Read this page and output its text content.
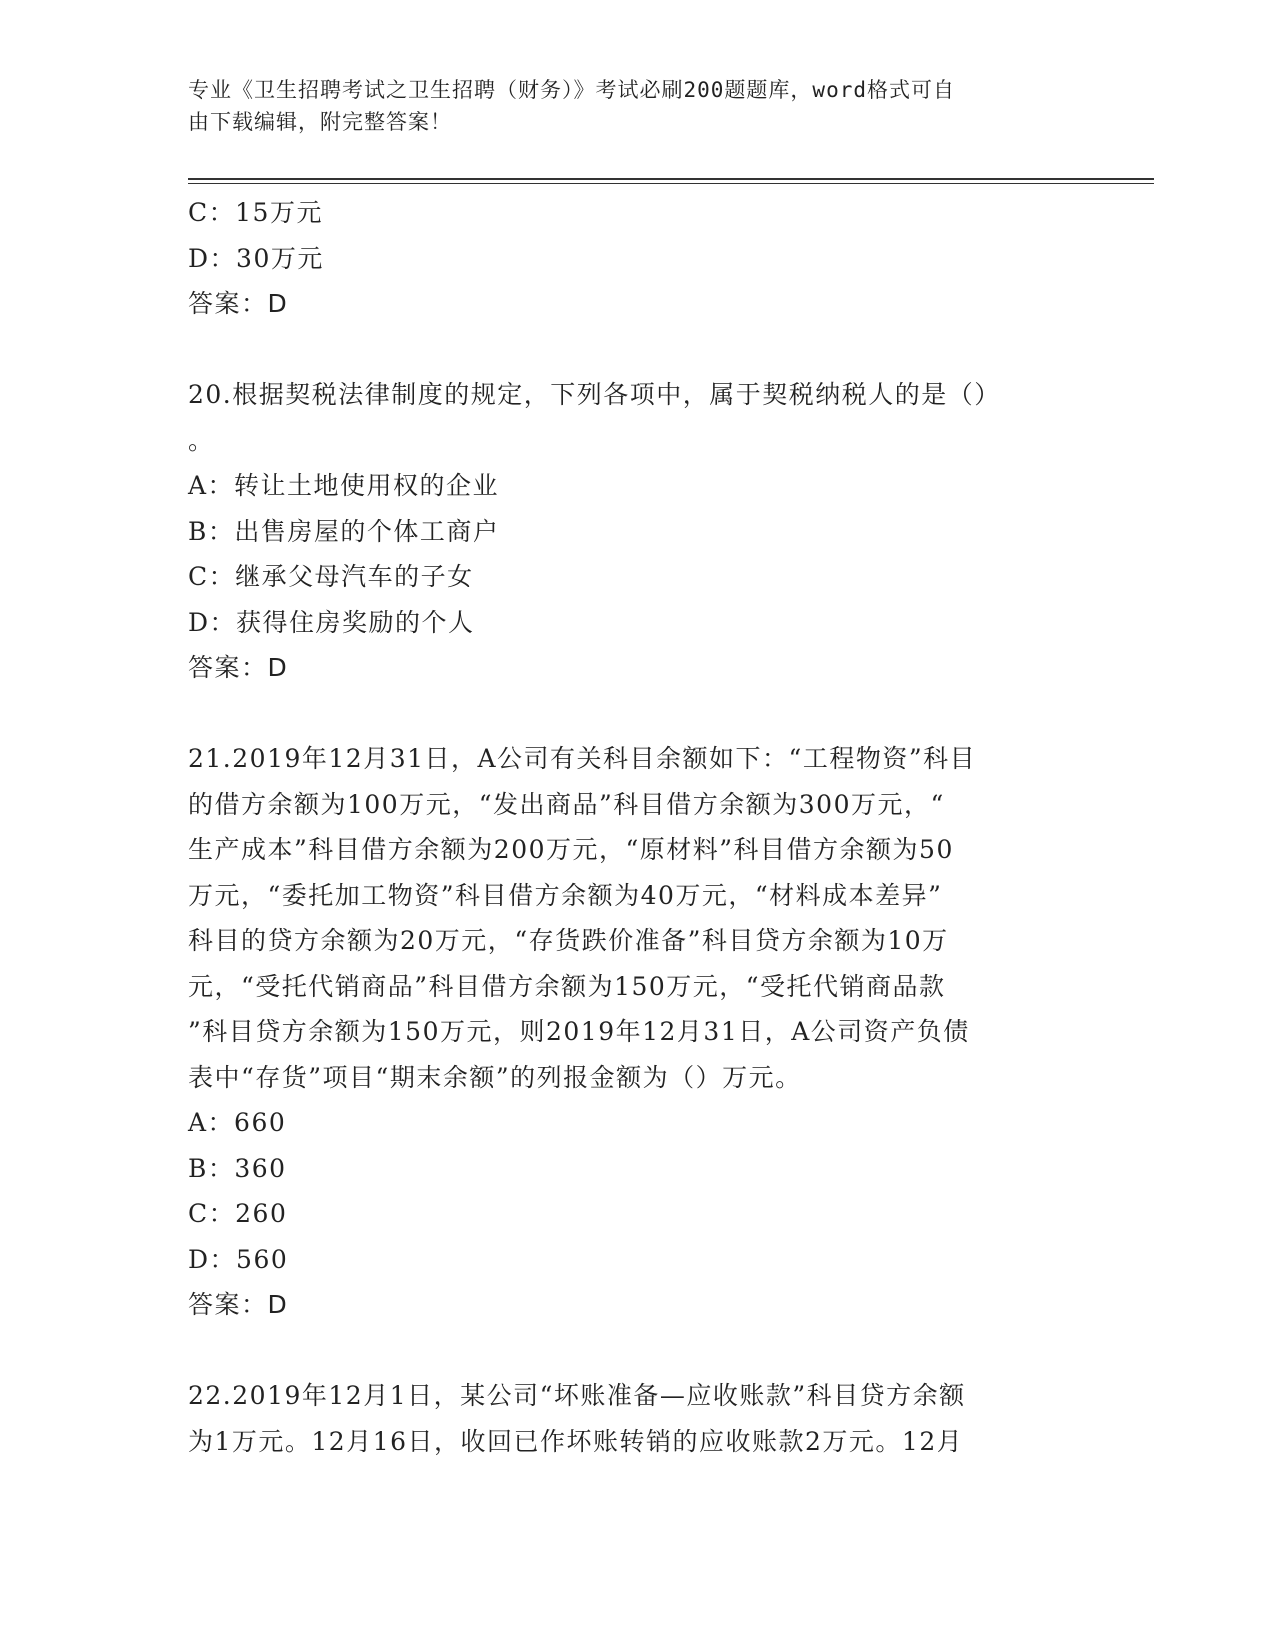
专业《卫生招聘考试之卫生招聘（财务）》考试必刷200题题库，word格式可自
由下载编辑，附完整答案！

C：15万元

D：30万元

答案：D

20.根据契税法律制度的规定，下列各项中，属于契税纳税人的是（）

。

A：转让土地使用权的企业

B：出售房屋的个体工商户

C：继承父母汽车的子女

D：获得住房奖励的个人

答案：D

21.2019年12月31日，A公司有关科目余额如下：“工程物资”科目

的借方余额为100万元，“发出商品”科目借方余额为300万元，“

生产成本”科目借方余额为200万元，“原材料”科目借方余额为50

万元，“委托加工物资”科目借方余额为40万元，“材料成本差异”

科目的贷方余额为20万元，“存货跌价准备”科目贷方余额为10万

元，“受托代销商品”科目借方余额为150万元，“受托代销商品款

”科目贷方余额为150万元，则2019年12月31日，A公司资产负债

表中“存货”项目“期末余额”的列报金额为（）万元。

A：660

B：360

C：260

D：560

答案：D

22.2019年12月1日，某公司“坏账准备—应收账款”科目贷方余额

为1万元。12月16日，收回已作坏账转销的应收账款2万元。12月
